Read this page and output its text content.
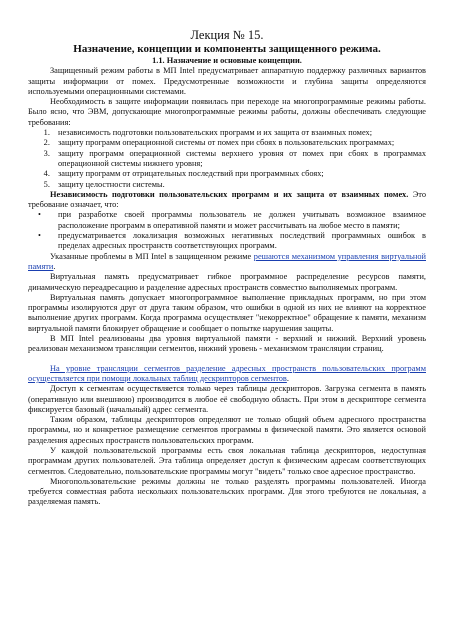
Лекция № 15.
Назначение, концепции и компоненты защищенного режима.
1.1. Назначение и основные концепции.

Защищенный режим работы в МП Intel предусматривает аппаратную поддержку различных вариантов защиты информации от помех. Предусмотренные возможности и глубина защиты определяются используемыми операционными системами.

Необходимость в защите информации появилась при переходе на многопрограммные режимы работы. Было ясно, что ЭВМ, допускающие многопрограммные режимы работы, должны обеспечивать следующие требования:

1. независимость подготовки пользовательских программ и их защита от взаимных помех;
2. защиту программ операционной системы от помех при сбоях в пользовательских программах;
3. защиту программ операционной системы верхнего уровня от помех при сбоях в программах операционной системы нижнего уровня;
4. защиту программ от отрицательных последствий при программных сбоях;
5. защиту целостности системы.

Независимость подготовки пользовательских программ и их защита от взаимных помех. Это требование означает, что:

• при разработке своей программы пользователь не должен учитывать возможное взаимное расположение программ в оперативной памяти и может рассчитывать на любое место в памяти;
• предусматривается локализация возможных негативных последствий программных ошибок в пределах адресных пространств соответствующих программ.

Указанные проблемы в МП Intel в защищенном режиме решаются механизмом управления виртуальной памяти.

Виртуальная память предусматривает гибкое программное распределение ресурсов памяти, динамическую переадресацию и разделение адресных пространств совместно выполняемых программ.

Виртуальная память допускает многопрограммное выполнение прикладных программ, но при этом программы изолируются друг от друга таким образом, что ошибки в одной из них не влияют на корректное выполнение других программ. Когда программа осуществляет "некорректное" обращение к памяти, механизм виртуальной памяти блокирует обращение и сообщает о попытке нарушения защиты.

В МП Intel реализованы два уровня виртуальной памяти - верхний и нижний. Верхний уровень реализован механизмом трансляции сегментов, нижний уровень - механизмом трансляции страниц.

На уровне трансляции сегментов разделение адресных пространств пользовательских программ осуществляется при помощи локальных таблиц дескрипторов сегментов.

Доступ к сегментам осуществляется только через таблицы дескрипторов. Загрузка сегмента в память (оперативную или внешнюю) производится в любое её свободную область. При этом в дескрипторе сегмента фиксируется базовый (начальный) адрес сегмента.

Таким образом, таблицы дескрипторов определяют не только общий объем адресного пространства программы, но и конкретное размещение сегментов программы в физической памяти. Это является основой разделения адресных пространств пользовательских программ.

У каждой пользовательской программы есть своя локальная таблица дескрипторов, недоступная программам других пользователей. Эта таблица определяет доступ к физическим адресам соответствующих сегментов. Следовательно, пользовательские программы могут "видеть" только свое адресное пространство.

Многопользовательские режимы должны не только разделять программы пользователей. Иногда требуется совместная работа нескольких пользовательских программ. Для этого требуются не локальная, а разделяемая память.
